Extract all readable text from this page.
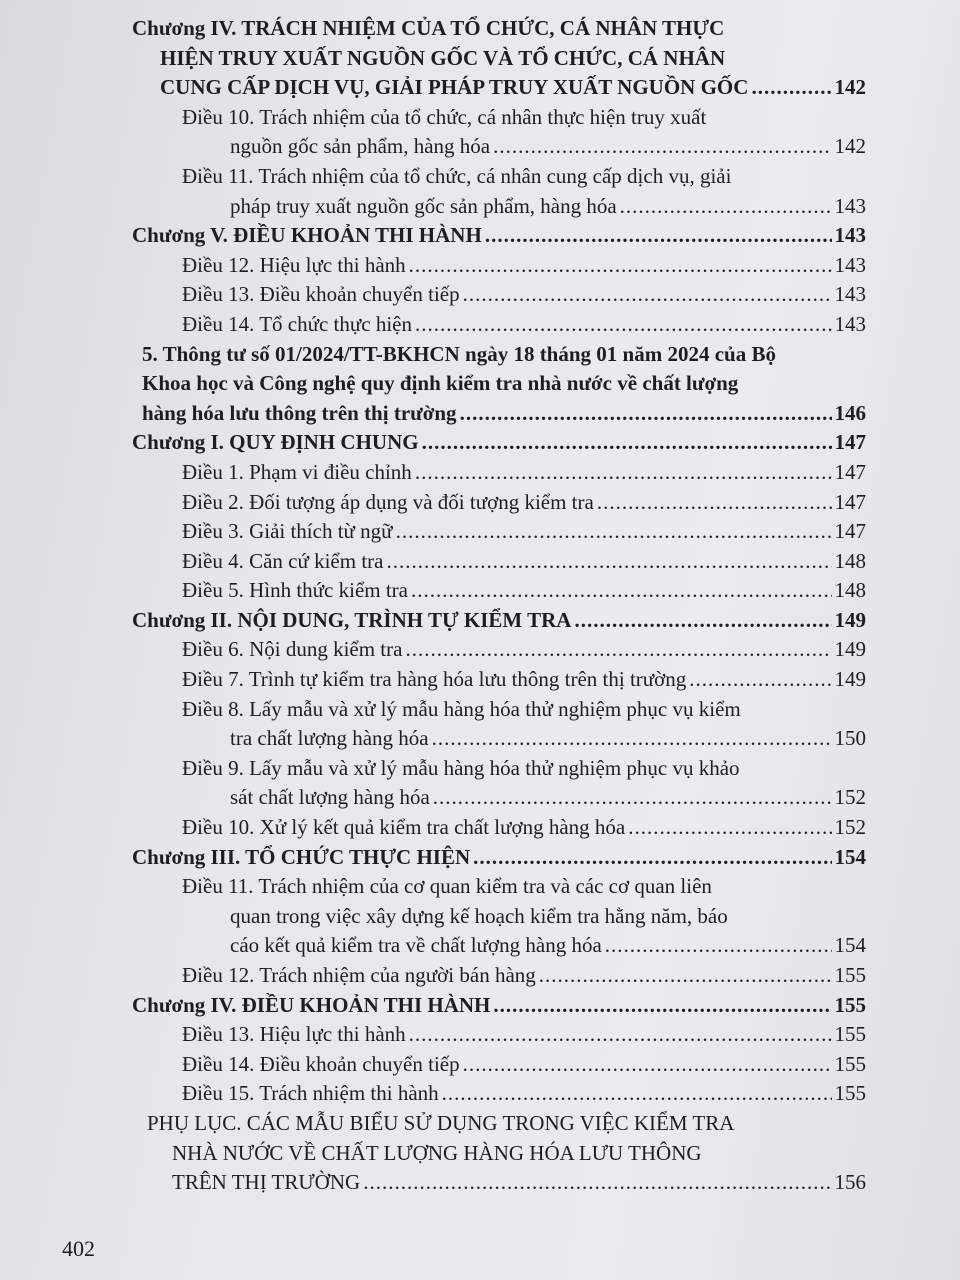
Chương IV. TRÁCH NHIỆM CỦA TỔ CHỨC, CÁ NHÂN THỰC
HIỆN TRUY XUẤT NGUỒN GỐC VÀ TỔ CHỨC, CÁ NHÂN
CUNG CẤP DỊCH VỤ, GIẢI PHÁP TRUY XUẤT NGUỒN GỐC .....	142
Điều 10. Trách nhiệm của tổ chức, cá nhân thực hiện truy xuất
nguồn gốc sản phẩm, hàng hóa .....	142
Điều 11. Trách nhiệm của tổ chức, cá nhân cung cấp dịch vụ, giải
pháp truy xuất nguồn gốc sản phẩm, hàng hóa .....	143
Chương V. ĐIỀU KHOẢN THI HÀNH .....	143
Điều 12. Hiệu lực thi hành .....	143
Điều 13. Điều khoản chuyển tiếp .....	143
Điều 14. Tổ chức thực hiện .....	143
5. Thông tư số 01/2024/TT-BKHCN ngày 18 tháng 01 năm 2024 của Bộ
Khoa học và Công nghệ quy định kiểm tra nhà nước về chất lượng
hàng hóa lưu thông trên thị trường .....	146
Chương I. QUY ĐỊNH CHUNG .....	147
Điều 1. Phạm vi điều chỉnh .....	147
Điều 2. Đối tượng áp dụng và đối tượng kiểm tra .....	147
Điều 3. Giải thích từ ngữ .....	147
Điều 4. Căn cứ kiểm tra .....	148
Điều 5. Hình thức kiểm tra .....	148
Chương II. NỘI DUNG, TRÌNH TỰ KIỂM TRA .....	149
Điều 6. Nội dung kiểm tra .....	149
Điều 7. Trình tự kiểm tra hàng hóa lưu thông trên thị trường .....	149
Điều 8. Lấy mẫu và xử lý mẫu hàng hóa thử nghiệm phục vụ kiểm
tra chất lượng hàng hóa .....	150
Điều 9. Lấy mẫu và xử lý mẫu hàng hóa thử nghiệm phục vụ khảo
sát chất lượng hàng hóa .....	152
Điều 10. Xử lý kết quả kiểm tra chất lượng hàng hóa .....	152
Chương III. TỔ CHỨC THỰC HIỆN .....	154
Điều 11. Trách nhiệm của cơ quan kiểm tra và các cơ quan liên
quan trong việc xây dựng kế hoạch kiểm tra hằng năm, báo
cáo kết quả kiểm tra về chất lượng hàng hóa .....	154
Điều 12. Trách nhiệm của người bán hàng .....	155
Chương IV. ĐIỀU KHOẢN THI HÀNH .....	155
Điều 13. Hiệu lực thi hành .....	155
Điều 14. Điều khoản chuyển tiếp .....	155
Điều 15. Trách nhiệm thi hành .....	155
PHỤ LỤC. CÁC MẪU BIỂU SỬ DỤNG TRONG VIỆC KIỂM TRA
NHÀ NƯỚC VỀ CHẤT LƯỢNG HÀNG HÓA LƯU THÔNG
TRÊN THỊ TRƯỜNG .....	156
402
